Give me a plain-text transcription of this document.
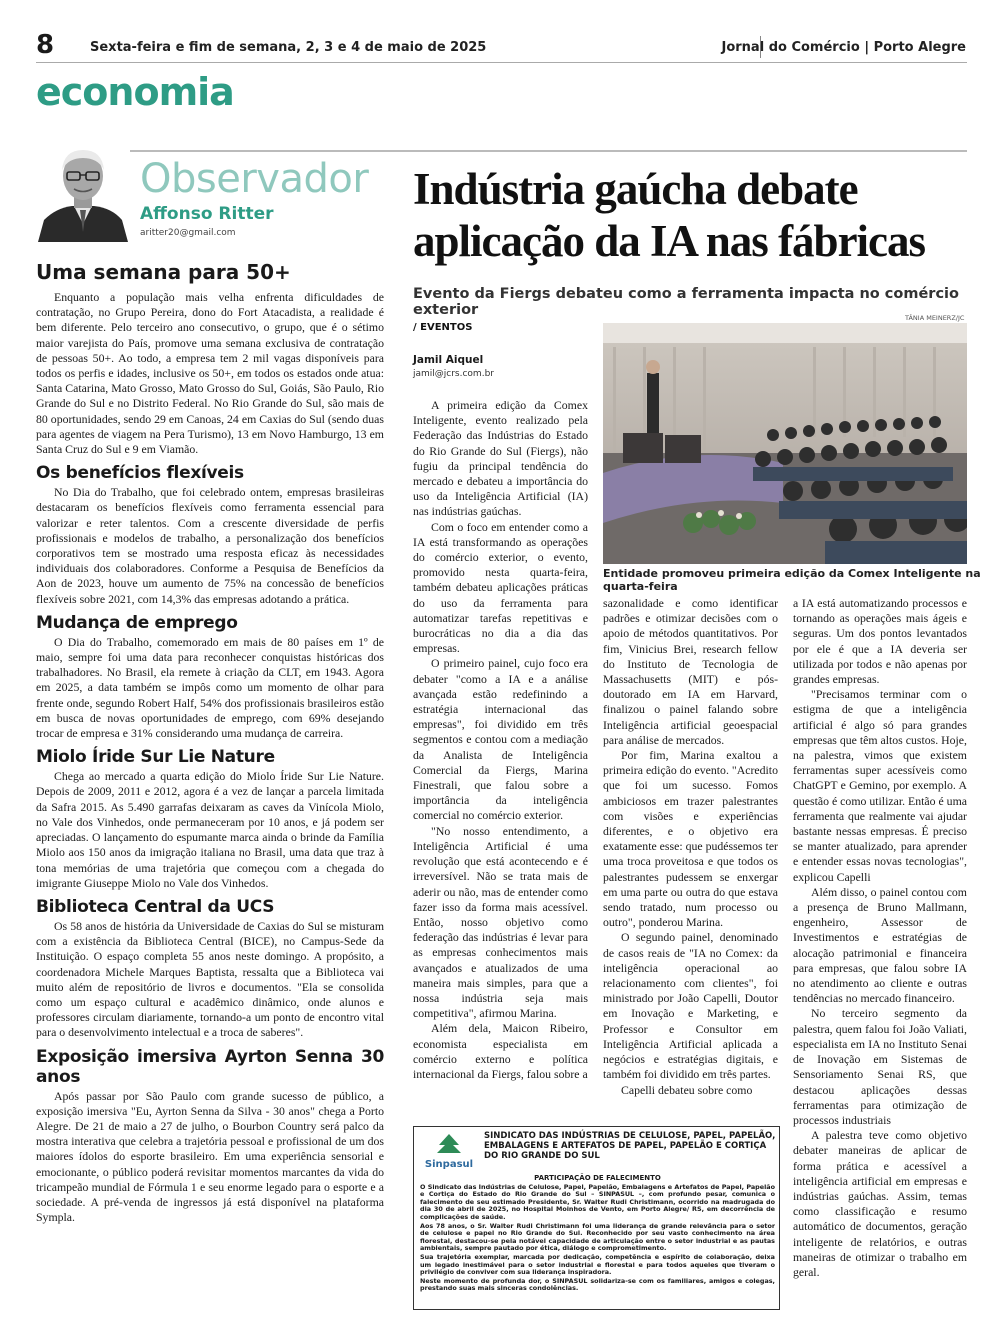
8	Sexta-feira e fim de semana, 2, 3 e 4 de maio de 2025	Jornal do Comércio | Porto Alegre
economia
Observador
Affonso Ritter
aritter20@gmail.com
Uma semana para 50+

Enquanto a população mais velha enfrenta dificuldades de contratação, no Grupo Pereira, dono do Fort Atacadista, a realidade é bem diferente. Pelo terceiro ano consecutivo, o grupo, que é o sétimo maior varejista do País, promove uma semana exclusiva de contratação de pessoas 50+. Ao todo, a empresa tem 2 mil vagas disponíveis para todos os perfis e idades, inclusive os 50+, em todos os estados onde atua: Santa Catarina, Mato Grosso, Mato Grosso do Sul, Goiás, São Paulo, Rio Grande do Sul e no Distrito Federal. No Rio Grande do Sul, são mais de 80 oportunidades, sendo 29 em Canoas, 24 em Caxias do Sul (sendo duas para agentes de viagem na Pera Turismo), 13 em Novo Hamburgo, 13 em Santa Cruz do Sul e 9 em Viamão.

Os benefícios flexíveis

No Dia do Trabalho, que foi celebrado ontem, empresas brasileiras destacaram os benefícios flexíveis como ferramenta essencial para valorizar e reter talentos. Com a crescente diversidade de perfis profissionais e modelos de trabalho, a personalização dos benefícios corporativos tem se mostrado uma resposta eficaz às necessidades individuais dos colaboradores. Conforme a Pesquisa de Benefícios da Aon de 2023, houve um aumento de 75% na concessão de benefícios flexíveis sobre 2021, com 14,3% das empresas adotando a prática.

Mudança de emprego

O Dia do Trabalho, comemorado em mais de 80 países em 1º de maio, sempre foi uma data para reconhecer conquistas históricas dos trabalhadores. No Brasil, ela remete à criação da CLT, em 1943. Agora em 2025, a data também se impôs como um momento de olhar para frente onde, segundo Robert Half, 54% dos profissionais brasileiros estão em busca de novas oportunidades de emprego, com 69% desejando trocar de empresa e 31% considerando uma mudança de carreira.

Miolo Íride Sur Lie Nature

Chega ao mercado a quarta edição do Miolo Íride Sur Lie Nature. Depois de 2009, 2011 e 2012, agora é a vez de lançar a parcela limitada da Safra 2015. As 5.490 garrafas deixaram as caves da Vinícola Miolo, no Vale dos Vinhedos, onde permaneceram por 10 anos, e já podem ser apreciadas. O lançamento do espumante marca ainda o brinde da Família Miolo aos 150 anos da imigração italiana no Brasil, uma data que traz à tona memórias de uma trajetória que começou com a chegada do imigrante Giuseppe Miolo no Vale dos Vinhedos.

Biblioteca Central da UCS

Os 58 anos de história da Universidade de Caxias do Sul se misturam com a existência da Biblioteca Central (BICE), no Campus-Sede da Instituição. O espaço completa 55 anos neste domingo. A propósito, a coordenadora Michele Marques Baptista, ressalta que a Biblioteca vai muito além de repositório de livros e documentos. "Ela se consolida como um espaço cultural e acadêmico dinâmico, onde alunos e professores circulam diariamente, tornando-a um ponto de encontro vital para o desenvolvimento intelectual e a troca de saberes".

Exposição imersiva Ayrton Senna 30 anos

Após passar por São Paulo com grande sucesso de público, a exposição imersiva "Eu, Ayrton Senna da Silva - 30 anos" chega a Porto Alegre. De 21 de maio a 27 de julho, o Bourbon Country será palco da mostra interativa que celebra a trajetória pessoal e profissional de um dos maiores ídolos do esporte brasileiro. Em uma experiência sensorial e emocionante, o público poderá revisitar momentos marcantes da vida do tricampeão mundial de Fórmula 1 e seu enorme legado para o esporte e a sociedade. A pré-venda de ingressos já está disponível na plataforma Sympla.

Indústria gaúcha debate aplicação da IA nas fábricas
Evento da Fiergs debateu como a ferramenta impacta no comércio exterior
/ EVENTOS
Jamil Aiquel
jamil@jcrs.com.br
TÂNIA MEINERZ/JC
Entidade promoveu primeira edição da Comex Inteligente na quarta-feira

A primeira edição da Comex Inteligente, evento realizado pela Federação das Indústrias do Estado do Rio Grande do Sul (Fiergs), não fugiu da principal tendência do mercado e debateu a importância do uso da Inteligência Artificial (IA) nas indústrias gaúchas.

Com o foco em entender como a IA está transformando as operações do comércio exterior, o evento, promovido nesta quarta-feira, também debateu aplicações práticas do uso da ferramenta para automatizar tarefas repetitivas e burocráticas no dia a dia das empresas.

O primeiro painel, cujo foco era debater "como a IA e a análise avançada estão redefinindo a estratégia internacional das empresas", foi dividido em três segmentos e contou com a mediação da Analista de Inteligência Comercial da Fiergs, Marina Finestrali, que falou sobre a importância da inteligência comercial no comércio exterior.

"No nosso entendimento, a Inteligência Artificial é uma revolução que está acontecendo e é irreversível. Não se trata mais de aderir ou não, mas de entender como fazer isso da forma mais acessível. Então, nosso objetivo como federação das indústrias é levar para as empresas conhecimentos mais avançados e atualizados de uma maneira mais simples, para que a nossa indústria seja mais competitiva", afirmou Marina.

Além dela, Maicon Ribeiro, economista especialista em comércio externo e política internacional da Fiergs, falou sobre a

sazonalidade e como identificar padrões e otimizar decisões com o apoio de métodos quantitativos. Por fim, Vinicius Brei, research fellow do Instituto de Tecnologia de Massachusetts (MIT) e pós-doutorado em IA em Harvard, finalizou o painel falando sobre Inteligência artificial geoespacial para análise de mercados.

Por fim, Marina exaltou a primeira edição do evento. "Acredito que foi um sucesso. Fomos ambiciosos em trazer palestrantes com visões e experiências diferentes, e o objetivo era exatamente esse: que pudéssemos ter uma troca proveitosa e que todos os palestrantes pudessem se enxergar em uma parte ou outra do que estava sendo tratado, num processo ou outro", ponderou Marina.

O segundo painel, denominado de casos reais de "IA no Comex: da inteligência operacional ao relacionamento com clientes", foi ministrado por João Capelli, Doutor em Inovação e Marketing, e Professor e Consultor em Inteligência Artificial aplicada a negócios e estratégias digitais, e também foi dividido em três partes.

Capelli debateu sobre como

a IA está automatizando processos e tornando as operações mais ágeis e seguras. Um dos pontos levantados por ele é que a IA deveria ser utilizada por todos e não apenas por grandes empresas.

"Precisamos terminar com o estigma de que a inteligência artificial é algo só para grandes empresas que têm altos custos. Hoje, na palestra, vimos que existem ferramentas super acessíveis como ChatGPT e Gemino, por exemplo. A questão é como utilizar. Então é uma ferramenta que realmente vai ajudar bastante nessas empresas. É preciso se manter atualizado, para aprender e entender essas novas tecnologias", explicou Capelli

Além disso, o painel contou com a presença de Bruno Mallmann, engenheiro, Assessor de Investimentos e estratégias de alocação patrimonial e financeira para empresas, que falou sobre IA no atendimento ao cliente e outras tendências no mercado financeiro.

No terceiro segmento da palestra, quem falou foi João Valiati, especialista em IA no Instituto Senai de Inovação em Sistemas de Sensoriamento Senai RS, que destacou aplicações dessas ferramentas para otimização de processos industriais

A palestra teve como objetivo debater maneiras de aplicar de forma prática e acessível a inteligência artificial em empresas e indústrias gaúchas. Assim, temas como classificação e resumo automático de documentos, geração inteligente de relatórios, e outras maneiras de otimizar o trabalho em geral.

Sinpasul
SINDICATO DAS INDÚSTRIAS DE CELULOSE, PAPEL, PAPELÃO, EMBALAGENS E ARTEFATOS DE PAPEL, PAPELÃO E CORTIÇA DO RIO GRANDE DO SUL

PARTICIPAÇÃO DE FALECIMENTO

O Sindicato das Indústrias de Celulose, Papel, Papelão, Embalagens e Artefatos de Papel, Papelão e Cortiça do Estado do Rio Grande do Sul – SINPASUL –, com profundo pesar, comunica o falecimento de seu estimado Presidente, Sr. Walter Rudi Christimann, ocorrido na madrugada do dia 30 de abril de 2025, no Hospital Moinhos de Vento, em Porto Alegre/ RS, em decorrência de complicações de saúde.

Aos 78 anos, o Sr. Walter Rudi Christimann foi uma liderança de grande relevância para o setor de celulose e papel no Rio Grande do Sul. Reconhecido por seu vasto conhecimento na área florestal, destacou-se pela notável capacidade de articulação entre o setor industrial e as pautas ambientais, sempre pautado por ética, diálogo e comprometimento.

Sua trajetória exemplar, marcada por dedicação, competência e espírito de colaboração, deixa um legado inestimável para o setor industrial e florestal e para todos aqueles que tiveram o privilégio de conviver com sua liderança inspiradora.

Neste momento de profunda dor, o SINPASUL solidariza-se com os familiares, amigos e colegas, prestando suas mais sinceras condolências.
